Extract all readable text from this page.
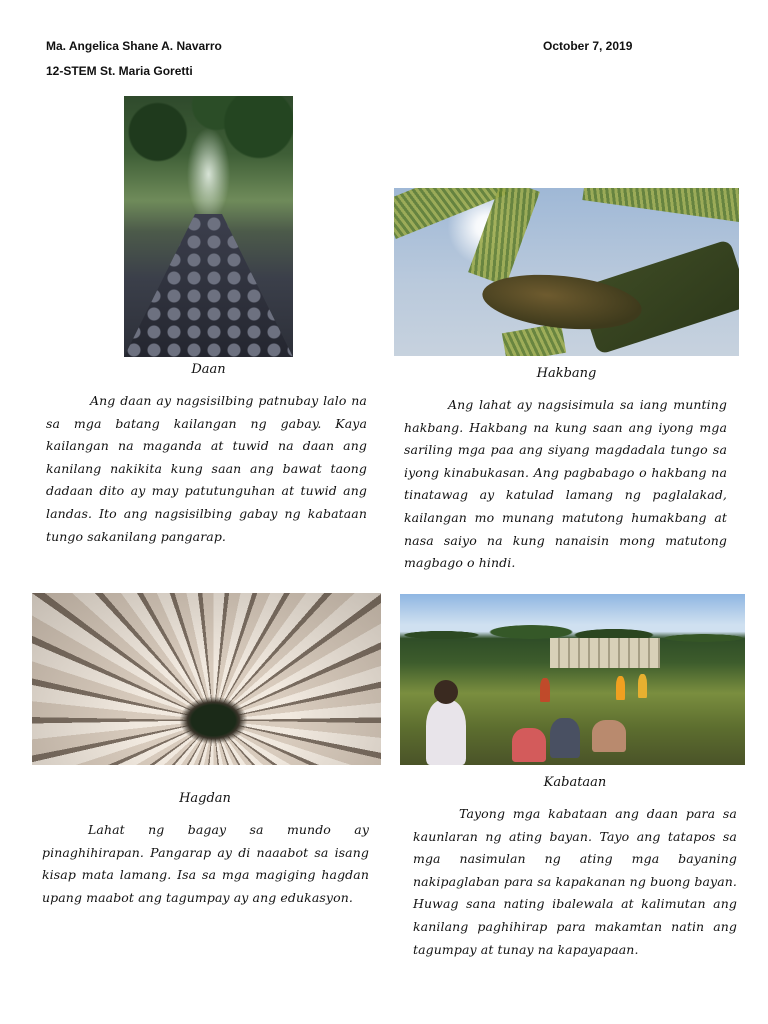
Ma. Angelica Shane A. Navarro	October 7, 2019
12-STEM St. Maria Goretti
Daan

Ang daan ay nagsisilbing patnubay lalo na sa mga batang kailangan ng gabay. Kaya kailangan na maganda at tuwid na daan ang kanilang nakikita kung saan ang bawat taong dadaan dito ay may patutunguhan at tuwid ang landas. Ito ang nagsisilbing gabay ng kabataan tungo sakanilang pangarap.

Hakbang

Ang lahat ay nagsisimula sa iang munting hakbang. Hakbang na kung saan ang iyong mga sariling mga paa ang siyang magdadala tungo sa iyong kinabukasan. Ang pagbabago o hakbang na tinatawag ay katulad lamang ng paglalakad, kailangan mo munang matutong humakbang at nasa saiyo na kung nanaisin mong matutong magbago o hindi.

Hagdan

Lahat ng bagay sa mundo ay pinaghihirapan. Pangarap ay di naaabot sa isang kisap mata lamang. Isa sa mga magiging hagdan upang maabot ang tagumpay ay ang edukasyon.

Kabataan

Tayong mga kabataan ang daan para sa kaunlaran ng ating bayan. Tayo ang tatapos sa mga nasimulan ng ating mga bayaning nakipaglaban para sa kapakanan ng buong bayan. Huwag sana nating ibalewala at kalimutan ang kanilang paghihirap para makamtan natin ang tagumpay at tunay na kapayapaan.
